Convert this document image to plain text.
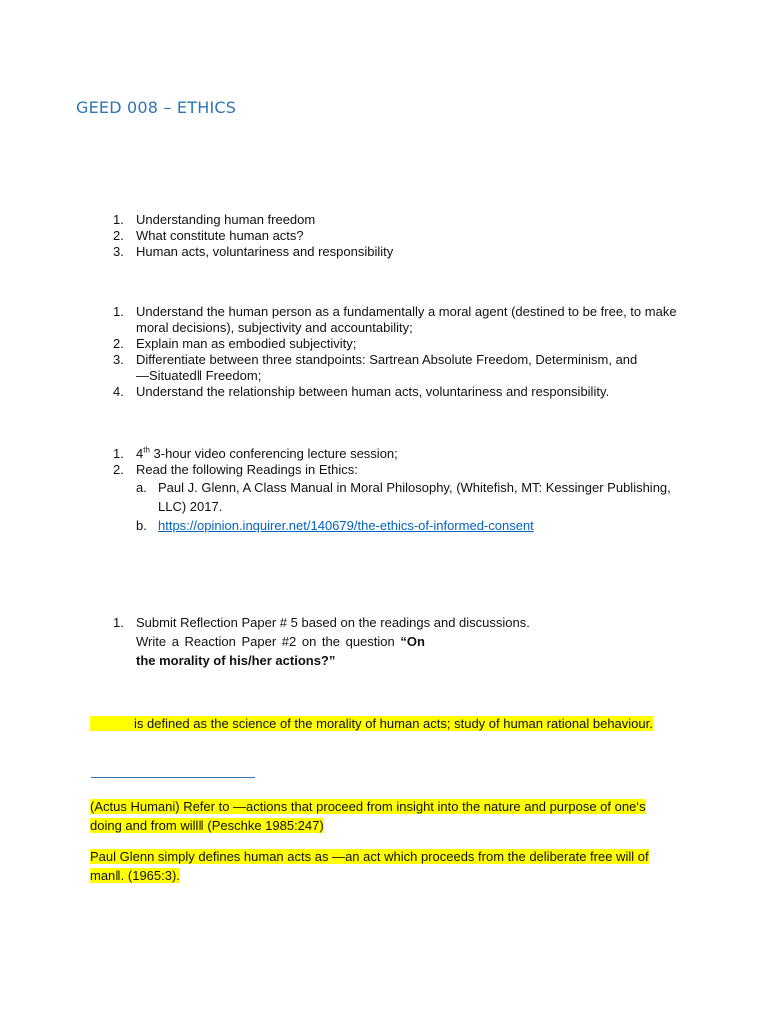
GEED 008 – ETHICS
1. Understanding human freedom
2. What constitute human acts?
3. Human acts, voluntariness and responsibility
1. Understand the human person as a fundamentally a moral agent (destined to be free, to make moral decisions), subjectivity and accountability;
2. Explain man as embodied subjectivity;
3. Differentiate between three standpoints: Sartrean Absolute Freedom, Determinism, and ―Situated‖ Freedom;
4. Understand the relationship between human acts, voluntariness and responsibility.
1. 4th 3-hour video conferencing lecture session;
2. Read the following Readings in Ethics:
a. Paul J. Glenn, A Class Manual in Moral Philosophy, (Whitefish, MT: Kessinger Publishing, LLC) 2017.
b. https://opinion.inquirer.net/140679/the-ethics-of-informed-consent
1. Submit Reflection Paper # 5 based on the readings and discussions.
Write a Reaction Paper #2 on the question “On
the morality of his/her actions?”
is defined as the science of the morality of human acts; study of human rational behaviour.
(Actus Humani) Refer to ―actions that proceed from insight into the nature and purpose of one‘s doing and from will‖ (Peschke 1985:247)
Paul Glenn simply defines human acts as ―an act which proceeds from the deliberate free will of man‖. (1965:3).
